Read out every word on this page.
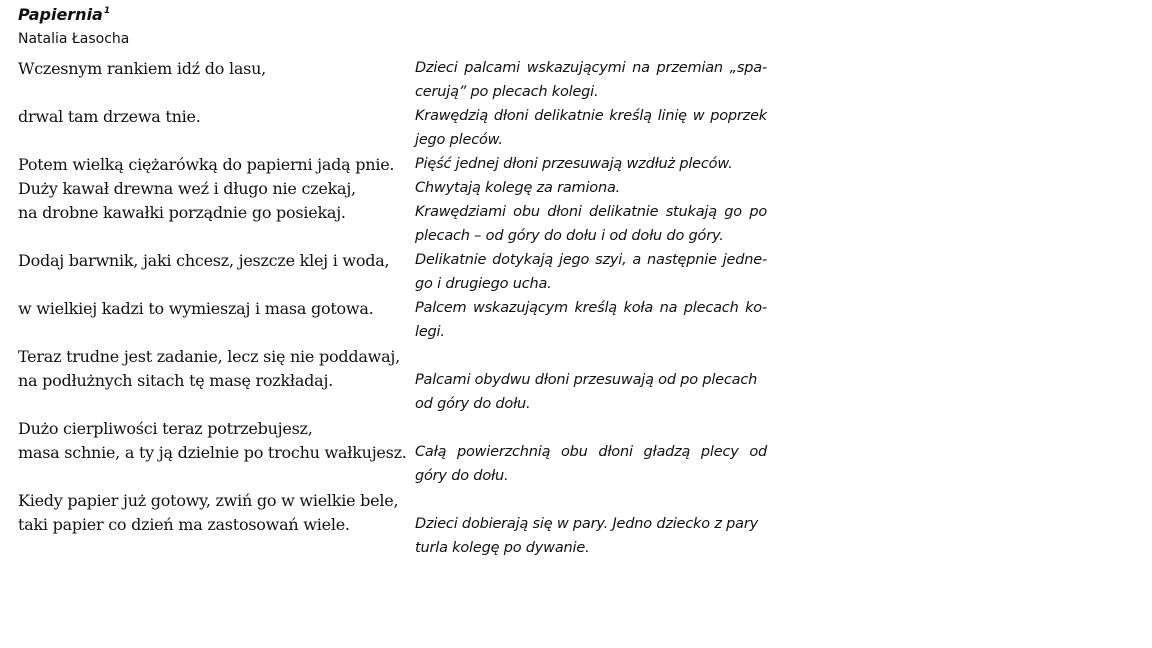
Papiernia$^1$
Natalia Łasocha
Wczesnym rankiem idź do lasu,	Dzieci palcami wskazującymi na przemian „spa-
cerują” po plecach kolegi.
drwal tam drzewa tnie.	Krawędzią dłoni delikatnie kreślą linię w poprzek
jego pleców.
Potem wielką ciężarówką do papierni jadą pnie.	Pięść jednej dłoni przesuwają wzdłuż pleców.
Duży kawał drewna weź i długo nie czekaj,	Chwytają kolegę za ramiona.
na drobne kawałki porządnie go posiekaj.	Krawędziami obu dłoni delikatnie stukają go po
plecach – od góry do dołu i od dołu do góry.
Dodaj barwnik, jaki chcesz, jeszcze klej i woda,	Delikatnie dotykają jego szyi, a następnie jedne-
go i drugiego ucha.
w wielkiej kadzi to wymieszaj i masa gotowa.	Palcem wskazującym kreślą koła na plecach ko-
legi.
Teraz trudne jest zadanie, lecz się nie poddawaj,
na podłużnych sitach tę masę rozkładaj.	Palcami obydwu dłoni przesuwają od po plecach
od góry do dołu.
Dużo cierpliwości teraz potrzebujesz,
masa schnie, a ty ją dzielnie po trochu wałkujesz. Całą powierzchnią obu dłoni gładzą plecy od
góry do dołu.
Kiedy papier już gotowy, zwiń go w wielkie bele,
taki papier co dzień ma zastosowań wiele.	Dzieci dobierają się w pary. Jedno dziecko z pary
turla kolegę po dywanie.
